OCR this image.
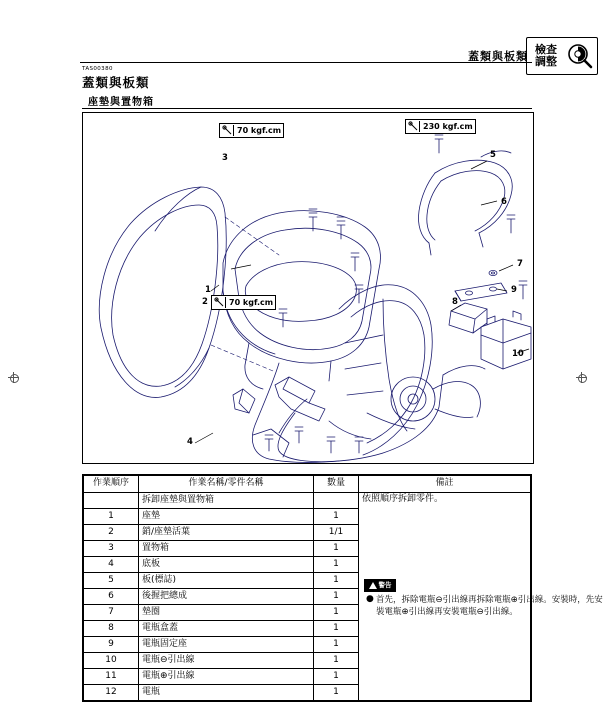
蓋類與板類
檢查
調整
TAS00380
蓋類與板類
座墊與置物箱
70 kgf.cm	230 kgf.cm
70 kgf.cm
3	5
6
7
8
9
10
1
2
4
作業順序	作業名稱/零件名稱	數量	備註
	拆卸座墊與置物箱		依照順序拆卸零件。
警告
● 首先，拆除電瓶⊖引出線再拆除電瓶⊕引出線。安裝時，先安裝電瓶⊕引出線再安裝電瓶⊖引出線。

1	座墊	1	
2	銷/座墊活葉	1/1	
3	置物箱	1	
4	底板	1	
5	板(標誌)	1	
6	後握把總成	1	
7	墊圈	1	
8	電瓶盒蓋	1	
9	電瓶固定座	1	
10	電瓶⊖引出線	1	
11	電瓶⊕引出線	1	
12	電瓶	1	
